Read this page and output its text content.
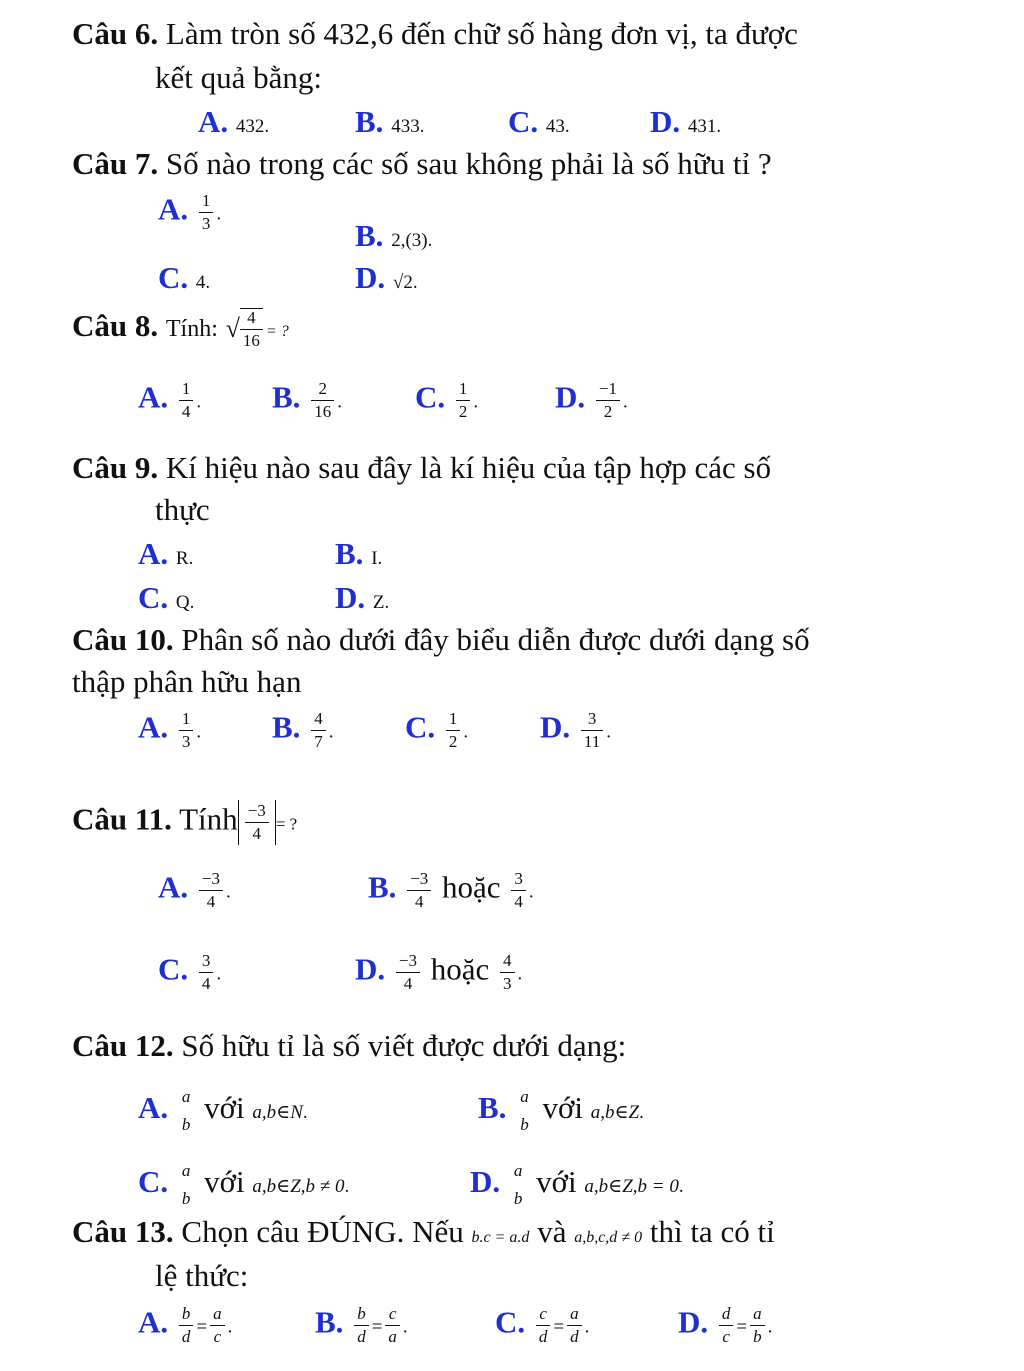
Câu 6. Làm tròn số 432,6 đến chữ số hàng đơn vị, ta được
kết quả bằng:
A. 432.	B. 433.	C. 43.	D. 431.
Câu 7. Số nào trong các số sau không phải là số hữu tỉ ?
A. $\frac{1}{3}$ .
B. 2,(3).
C. 4.	D. √2.
Câu 8. Tính: √ $\frac{4}{16}$ = ?
A. $\frac{1}{4}$ . B. $\frac{2}{16}$ . C. $\frac{1}{2}$ . D. $\frac{-1}{2}$ .
Câu 9. Kí hiệu nào sau đây là kí hiệu của tập hợp các số
thực
A. R.	B. I.
C. Q.	D. Z.
Câu 10. Phân số nào dưới đây biểu diễn được dưới dạng số
thập phân hữu hạn
A. $\frac{1}{3}$ . B. $\frac{4}{7}$ . C. $\frac{1}{2}$ . D. $\frac{3}{11}$ .
Câu 11. Tính $\frac{-3}{4}$ = ?
A. $\frac{-3}{4}$ .	B. $\frac{-3}{4}$ hoặc $\frac{3}{4}$ .
C. $\frac{3}{4}$ .	D. $\frac{-3}{4}$ hoặc $\frac{4}{3}$ .
Câu 12. Số hữu tỉ là số viết được dưới dạng:
A. a
b với a,b∈N.	B. a
b với a,b∈Z.
C. a
b với a,b∈Z,b ≠ 0.	D. a
b với a,b∈Z,b = 0.
Câu 13. Chọn câu ĐÚNG. Nếu b.c = a.d và a,b,c,d ≠ 0 thì ta có tỉ
lệ thức:
A. $\frac{b}{d} = \frac{a}{c}$ .	B. $\frac{b}{d} = \frac{c}{a}$ .	C. $\frac{c}{d} = \frac{a}{d}$ .	D. $\frac{d}{c} = \frac{a}{b}$ .
